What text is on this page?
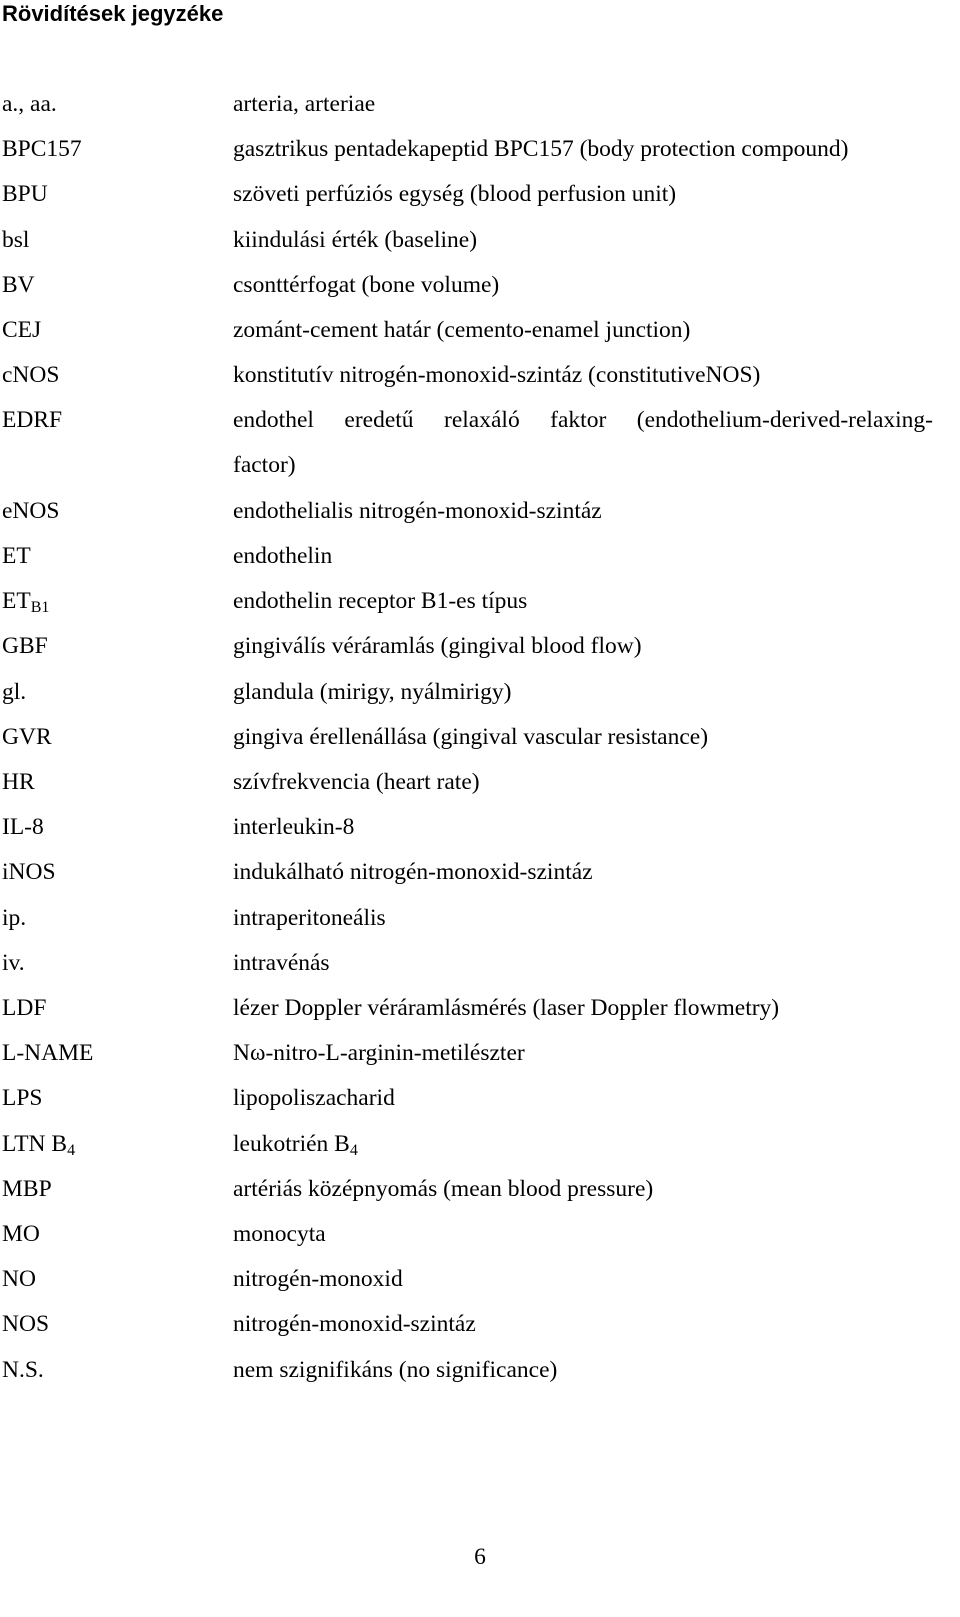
Rövidítések jegyzéke
a., aa.	arteria, arteriae
BPC157	gasztrikus pentadekapeptid BPC157 (body protection compound)
BPU	szöveti perfúziós egység (blood perfusion unit)
bsl	kiindulási érték (baseline)
BV	csonttérfogat (bone volume)
CEJ	zománt-cement határ (cemento-enamel junction)
cNOS	konstitutív nitrogén-monoxid-szintáz (constitutiveNOS)
EDRF	endothel eredetű relaxáló faktor (endothelium-derived-relaxing-
factor)
eNOS	endothelialis nitrogén-monoxid-szintáz
ET	endothelin
$ET_{B1}$	endothelin receptor B1-es típus
GBF	gingiválís véráramlás (gingival blood flow)
gl.	glandula (mirigy, nyálmirigy)
GVR	gingiva érellenállása (gingival vascular resistance)
HR	szívfrekvencia (heart rate)
IL-8	interleukin-8
iNOS	indukálható nitrogén-monoxid-szintáz
ip.	intraperitoneális
iv.	intravénás
LDF	lézer Doppler véráramlásmérés (laser Doppler flowmetry)
L-NAME	Nω-nitro-L-arginin-metilészter
LPS	lipopoliszacharid
LTN $B_4$	leukotrién $B_4$
MBP	artériás középnyomás (mean blood pressure)
MO	monocyta
NO	nitrogén-monoxid
NOS	nitrogén-monoxid-szintáz
N.S.	nem szignifikáns (no significance)
6
